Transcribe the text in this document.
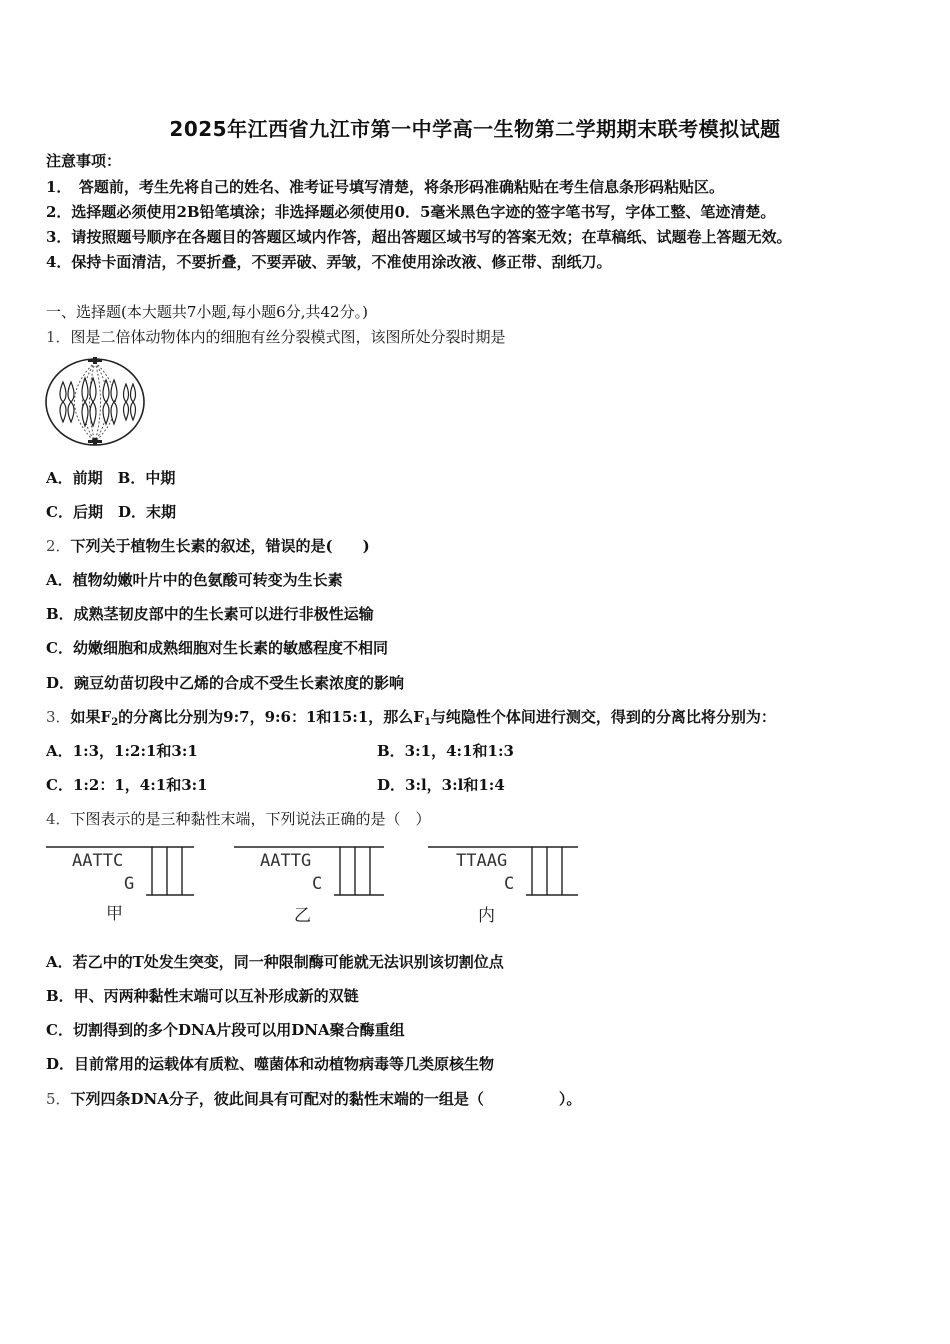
2025年江西省九江市第一中学高一生物第二学期期末联考模拟试题
注意事项：
1．　答题前，考生先将自己的姓名、准考证号填写清楚，将条形码准确粘贴在考生信息条形码粘贴区。
2．选择题必须使用2B铅笔填涂；非选择题必须使用0．5毫米黑色字迹的签字笔书写，字体工整、笔迹清楚。
3．请按照题号顺序在各题目的答题区域内作答，超出答题区域书写的答案无效；在草稿纸、试题卷上答题无效。
4．保持卡面清洁，不要折叠，不要弄破、弄皱，不准使用涂改液、修正带、刮纸刀。
一、选择题(本大题共7小题,每小题6分,共42分。)
1．图是二倍体动物体内的细胞有丝分裂模式图，该图所处分裂时期是
A．前期　B．中期
C．后期　D．末期
2．下列关于植物生长素的叙述，错误的是(　　)
A．植物幼嫩叶片中的色氨酸可转变为生长素
B．成熟茎韧皮部中的生长素可以进行非极性运输
C．幼嫩细胞和成熟细胞对生长素的敏感程度不相同
D．豌豆幼苗切段中乙烯的合成不受生长素浓度的影响
3．如果$F_2$的分离比分别为9:7，9:6：1和15:1，那么$F_1$与纯隐性个体间进行测交，得到的分离比将分别为：
A．1:3，1:2:1和3:1	B．3:1，4:1和1:3
C．1:2：1，4:1和3:1	D．3:l，3:l和1:4
4．下图表示的是三种黏性末端，下列说法正确的是（　）
AATTC
G
甲
AATTG
C
乙
TTAAG
C
内
A．若乙中的T处发生突变，同一种限制酶可能就无法识别该切割位点
B．甲、丙两种黏性末端可以互补形成新的双链
C．切割得到的多个DNA片段可以用DNA聚合酶重组
D．目前常用的运载体有质粒、噬菌体和动植物病毒等几类原核生物
5．下列四条DNA分子，彼此间具有可配对的黏性末端的一组是（　　　　　）。
